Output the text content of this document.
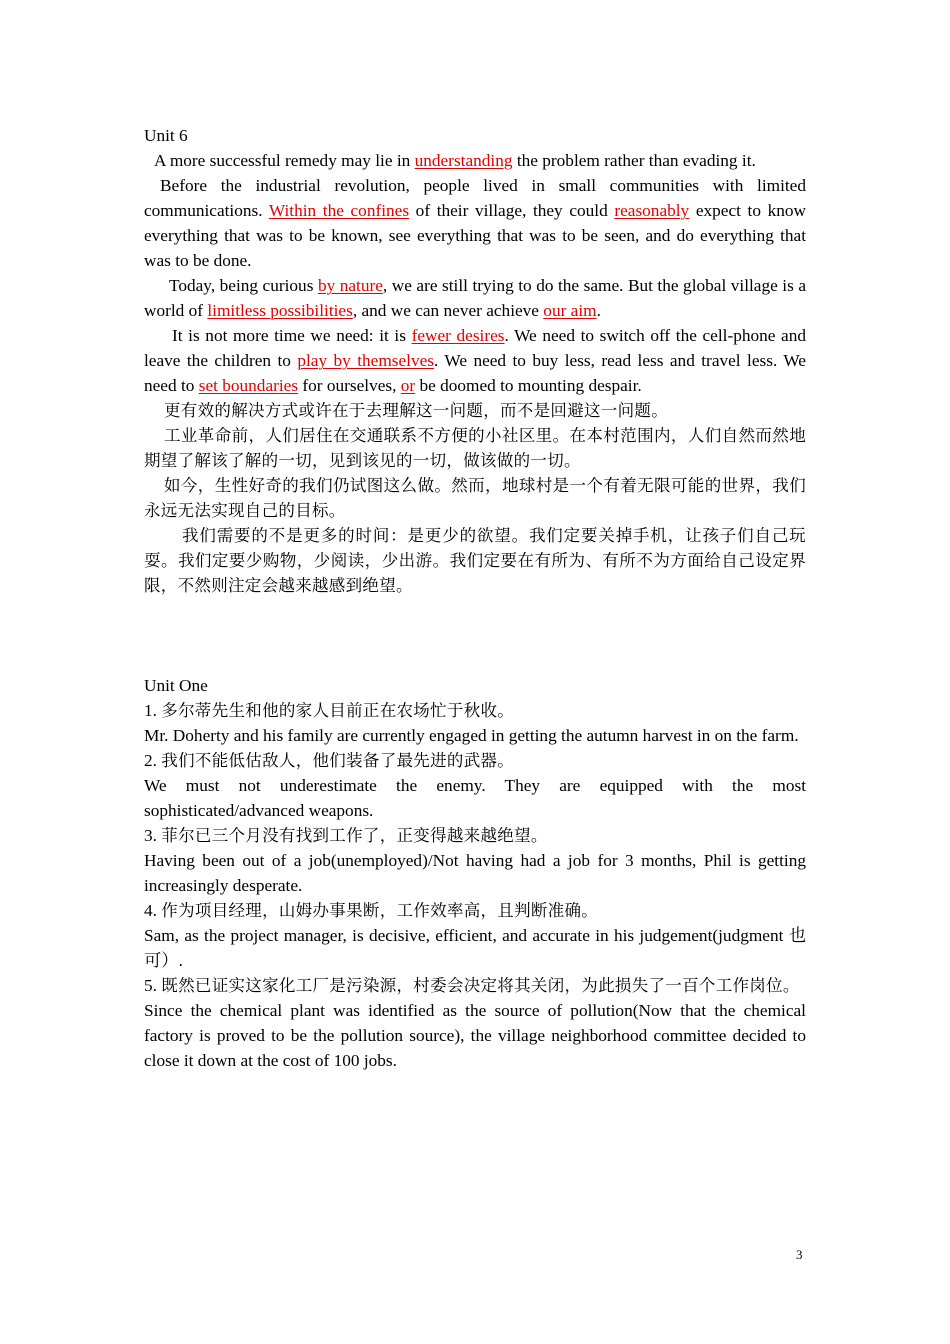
Unit 6

A more successful remedy may lie in understanding the problem rather than evading it.

Before the industrial revolution, people lived in small communities with limited communications. Within the confines of their village, they could reasonably expect to know everything that was to be known, see everything that was to be seen, and do everything that was to be done.

Today, being curious by nature, we are still trying to do the same. But the global village is a world of limitless possibilities, and we can never achieve our aim.

It is not more time we need: it is fewer desires. We need to switch off the cell-phone and leave the children to play by themselves. We need to buy less, read less and travel less. We need to set boundaries for ourselves, or be doomed to mounting despair.

更有效的解决方式或许在于去理解这一问题，而不是回避这一问题。

工业革命前，人们居住在交通联系不方便的小社区里。在本村范围内，人们自然而然地期望了解该了解的一切，见到该见的一切，做该做的一切。

如今，生性好奇的我们仍试图这么做。然而，地球村是一个有着无限可能的世界，我们永远无法实现自己的目标。

我们需要的不是更多的时间：是更少的欲望。我们定要关掉手机，让孩子们自己玩耍。我们定要少购物，少阅读，少出游。我们定要在有所为、有所不为方面给自己设定界限，不然则注定会越来越感到绝望。

Unit One

1. 多尔蒂先生和他的家人目前正在农场忙于秋收。

Mr. Doherty and his family are currently engaged in getting the autumn harvest in on the farm.

2. 我们不能低估敌人，他们装备了最先进的武器。

We must not underestimate the enemy. They are equipped with the most sophisticated/advanced weapons.

3. 菲尔已三个月没有找到工作了，正变得越来越绝望。

Having been out of a job(unemployed)/Not having had a job for 3 months, Phil is getting increasingly desperate.

4. 作为项目经理，山姆办事果断，工作效率高，且判断准确。

Sam, as the project manager, is decisive, efficient, and accurate in his judgement(judgment 也可）.

5. 既然已证实这家化工厂是污染源，村委会决定将其关闭，为此损失了一百个工作岗位。

Since the chemical plant was identified as the source of pollution(Now that the chemical factory is proved to be the pollution source), the village neighborhood committee decided to close it down at the cost of 100 jobs.

3
